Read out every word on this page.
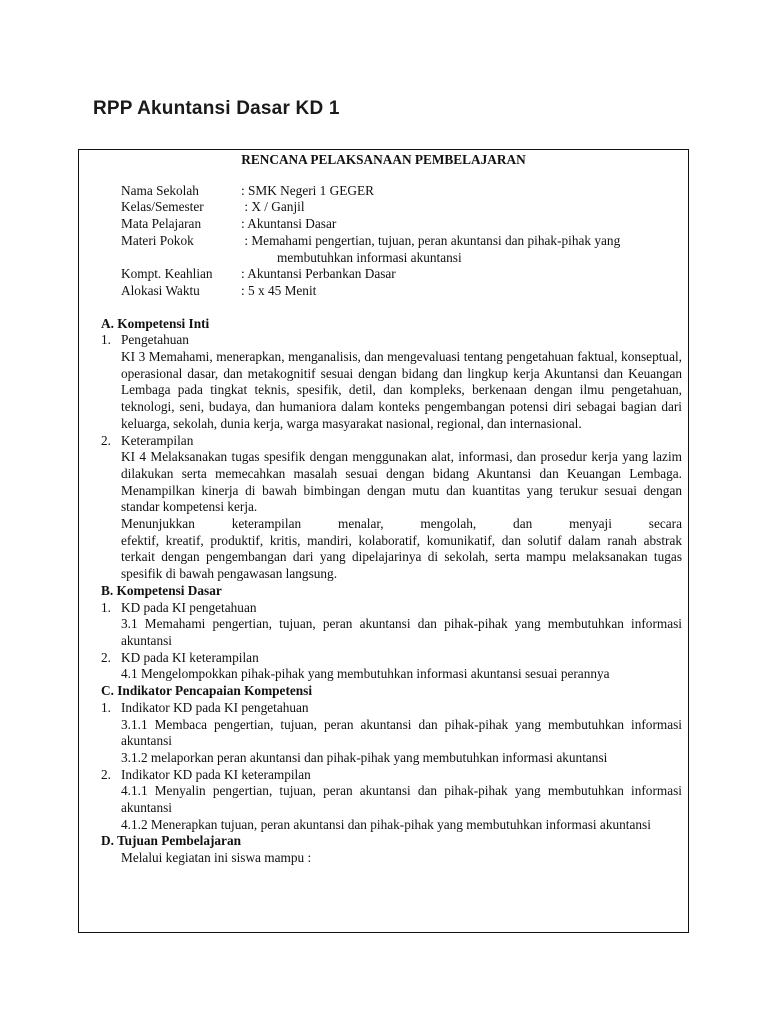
RPP Akuntansi Dasar KD 1
RENCANA PELAKSANAAN PEMBELAJARAN
Nama Sekolah	: SMK Negeri 1 GEGER
Kelas/Semester	: X / Ganjil
Mata Pelajaran	: Akuntansi Dasar
Materi Pokok	: Memahami pengertian, tujuan, peran akuntansi dan pihak-pihak yang
membutuhkan informasi akuntansi
Kompt. Keahlian	: Akuntansi Perbankan Dasar
Alokasi Waktu	: 5 x 45 Menit
A. Kompetensi Inti
1. Pengetahuan
KI 3 Memahami, menerapkan, menganalisis, dan mengevaluasi tentang pengetahuan faktual, konseptual, operasional dasar, dan metakognitif sesuai dengan bidang dan lingkup kerja Akuntansi dan Keuangan Lembaga pada tingkat teknis, spesifik, detil, dan kompleks, berkenaan dengan ilmu pengetahuan, teknologi, seni, budaya, dan humaniora dalam konteks pengembangan potensi diri sebagai bagian dari keluarga, sekolah, dunia kerja, warga masyarakat nasional, regional, dan internasional.
2. Keterampilan
KI 4 Melaksanakan tugas spesifik dengan menggunakan alat, informasi, dan prosedur kerja yang lazim dilakukan serta memecahkan masalah sesuai dengan bidang Akuntansi dan Keuangan Lembaga. Menampilkan kinerja di bawah bimbingan dengan mutu dan kuantitas yang terukur sesuai dengan standar kompetensi kerja.
Menunjukkan keterampilan menalar, mengolah, dan menyaji secara
efektif, kreatif, produktif, kritis, mandiri, kolaboratif, komunikatif, dan solutif dalam ranah abstrak terkait dengan pengembangan dari yang dipelajarinya di sekolah, serta mampu melaksanakan tugas spesifik di bawah pengawasan langsung.
B. Kompetensi Dasar
1. KD pada KI pengetahuan
3.1 Memahami pengertian, tujuan, peran akuntansi dan pihak-pihak yang membutuhkan informasi akuntansi
2. KD pada KI keterampilan
4.1 Mengelompokkan pihak-pihak yang membutuhkan informasi akuntansi sesuai perannya
C. Indikator Pencapaian Kompetensi
1. Indikator KD pada KI pengetahuan
3.1.1 Membaca pengertian, tujuan, peran akuntansi dan pihak-pihak yang membutuhkan informasi akuntansi
3.1.2 melaporkan peran akuntansi dan pihak-pihak yang membutuhkan informasi akuntansi
2. Indikator KD pada KI keterampilan
4.1.1 Menyalin pengertian, tujuan, peran akuntansi dan pihak-pihak yang membutuhkan informasi akuntansi
4.1.2 Menerapkan tujuan, peran akuntansi dan pihak-pihak yang membutuhkan informasi akuntansi
D. Tujuan Pembelajaran
Melalui kegiatan ini siswa mampu :
